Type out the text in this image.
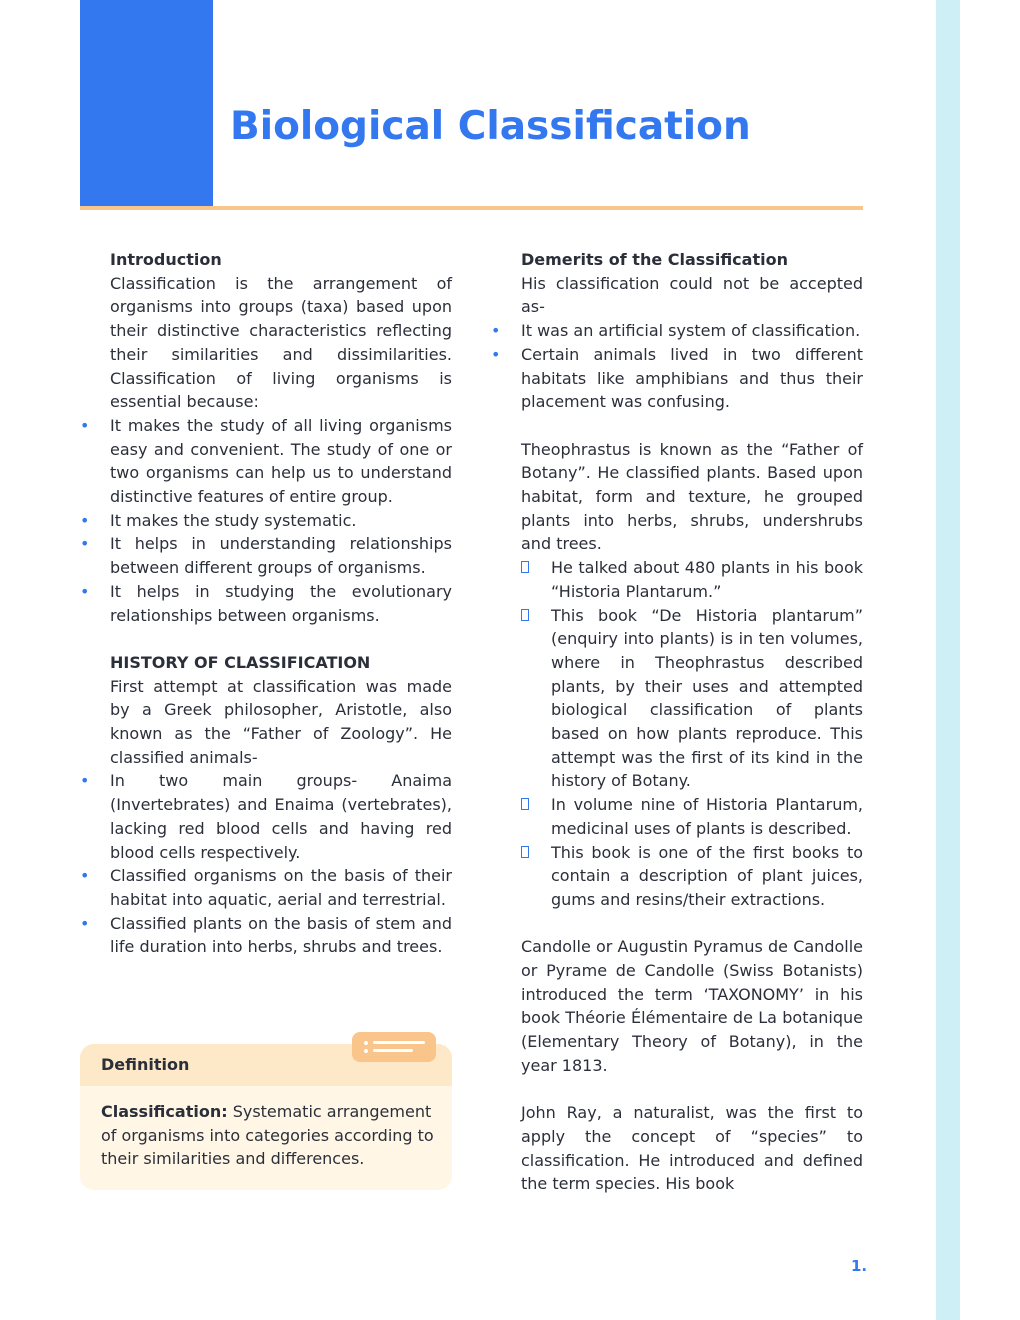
Biological Classification

Introduction

Classification is the arrangement of organisms into groups (taxa) based upon their distinctive characteristics reflecting their similarities and dissimilarities. Classification of living organisms is essential because:

• It makes the study of all living organisms easy and convenient. The study of one or two organisms can help us to understand distinctive features of entire group.
• It makes the study systematic.
• It helps in understanding relationships between different groups of organisms.
• It helps in studying the evolutionary relationships between organisms.

HISTORY OF CLASSIFICATION

First attempt at classification was made by a Greek philosopher, Aristotle, also known as the “Father of Zoology”. He classified animals-

• In two main groups- Anaima (Invertebrates) and Enaima (vertebrates), lacking red blood cells and having red blood cells respectively.
• Classified organisms on the basis of their habitat into aquatic, aerial and terrestrial.
• Classified plants on the basis of stem and life duration into herbs, shrubs and trees.
Definition
Classification: Systematic arrangement of organisms into categories according to their similarities and differences.

Demerits of the Classification

His classification could not be accepted as-

• It was an artificial system of classification.
• Certain animals lived in two different habitats like amphibians and thus their placement was confusing.

Theophrastus is known as the “Father of Botany”. He classified plants. Based upon habitat, form and texture, he grouped plants into herbs, shrubs, undershrubs and trees.

He talked about 480 plants in his book “Historia Plantarum.”
This book “De Historia plantarum” (enquiry into plants) is in ten volumes, where in Theophrastus described plants, by their uses and attempted biological classification of plants based on how plants reproduce. This attempt was the first of its kind in the history of Botany.
In volume nine of Historia Plantarum, medicinal uses of plants is described.
This book is one of the first books to contain a description of plant juices, gums and resins/their extractions.

Candolle or Augustin Pyramus de Candolle or Pyrame de Candolle (Swiss Botanists) introduced the term ‘TAXONOMY’ in his book Théorie Élémentaire de La botanique (Elementary Theory of Botany), in the year 1813.

John Ray, a naturalist, was the first to apply the concept of “species” to classification. He introduced and defined the term species. His book

1.
